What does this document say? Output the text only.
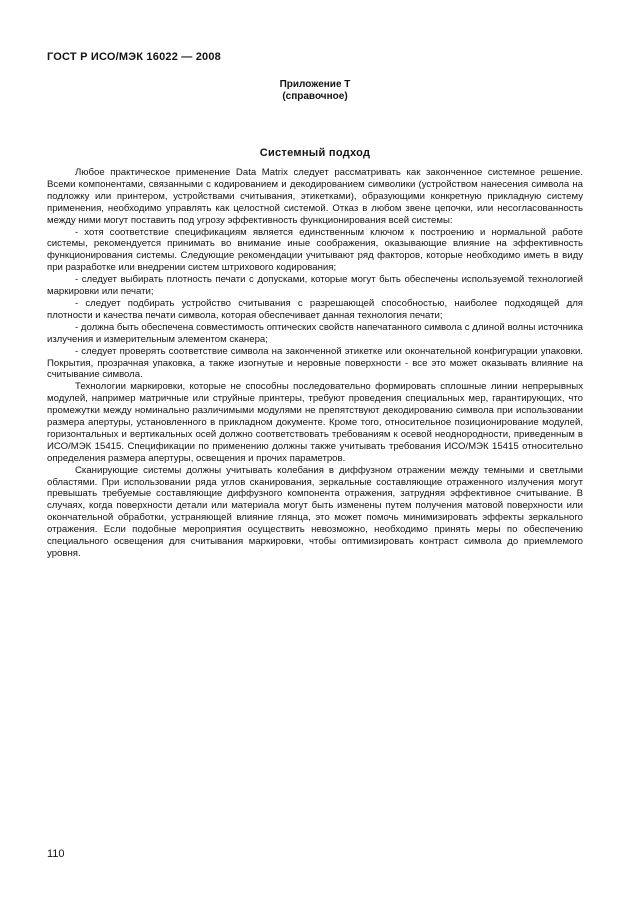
ГОСТ Р ИСО/МЭК 16022 — 2008
Приложение Т
(справочное)
Системный подход

Любое практическое применение Data Matrix следует рассматривать как законченное системное решение. Всеми компонентами, связанными с кодированием и декодированием символики (устройством нанесения символа на подложку или принтером, устройствами считывания, этикетками), образующими конкретную прикладную систему применения, необходимо управлять как целостной системой. Отказ в любом звене цепочки, или несогласованность между ними могут поставить под угрозу эффективность функционирования всей системы:

- хотя соответствие спецификациям является единственным ключом к построению и нормальной работе системы, рекомендуется принимать во внимание иные соображения, оказывающие влияние на эффективность функционирования системы. Следующие рекомендации учитывают ряд факторов, которые необходимо иметь в виду при разработке или внедрении систем штрихового кодирования;

- следует выбирать плотность печати с допусками, которые могут быть обеспечены используемой технологией маркировки или печати;

- следует подбирать устройство считывания с разрешающей способностью, наиболее подходящей для плотности и качества печати символа, которая обеспечивает данная технология печати;

- должна быть обеспечена совместимость оптических свойств напечатанного символа с длиной волны источника излучения и измерительным элементом сканера;

- следует проверять соответствие символа на законченной этикетке или окончательной конфигурации упаковки. Покрытия, прозрачная упаковка, а также изогнутые и неровные поверхности - все это может оказывать влияние на считывание символа.

Технологии маркировки, которые не способны последовательно формировать сплошные линии непрерывных модулей, например матричные или струйные принтеры, требуют проведения специальных мер, гарантирующих, что промежутки между номинально различимыми модулями не препятствуют декодированию символа при использовании размера апертуры, установленного в прикладном документе. Кроме того, относительное позиционирование модулей, горизонтальных и вертикальных осей должно соответствовать требованиям к осевой неоднородности, приведенным в ИСО/МЭК 15415. Спецификации по применению должны также учитывать требования ИСО/МЭК 15415 относительно определения размера апертуры, освещения и прочих параметров.

Сканирующие системы должны учитывать колебания в диффузном отражении между темными и светлыми областями. При использовании ряда углов сканирования, зеркальные составляющие отраженного излучения могут превышать требуемые составляющие диффузного компонента отражения, затрудняя эффективное считывание. В случаях, когда поверхности детали или материала могут быть изменены путем получения матовой поверхности или окончательной обработки, устраняющей влияние глянца, это может помочь минимизировать эффекты зеркального отражения. Если подобные мероприятия осуществить невозможно, необходимо принять меры по обеспечению специального освещения для считывания маркировки, чтобы оптимизировать контраст символа до приемлемого уровня.

110
